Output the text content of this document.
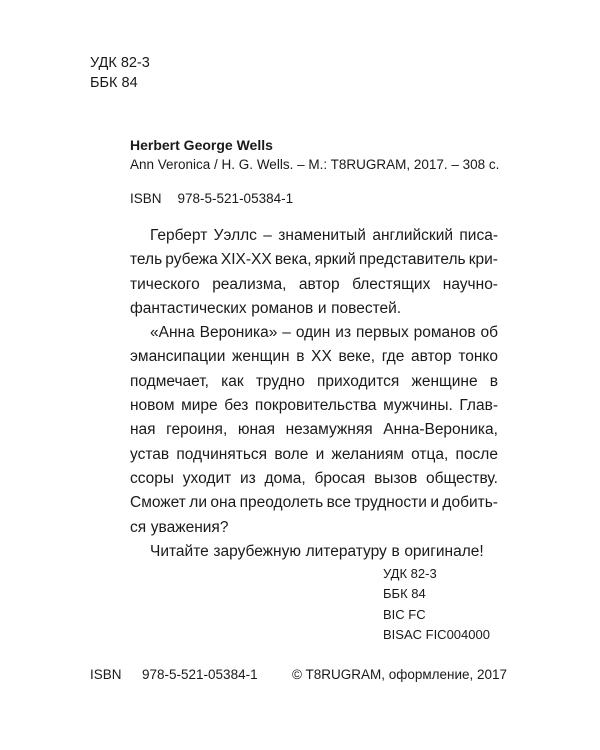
УДК 82-3
ББК 84
Herbert George Wells
Ann Veronica / H. G. Wells. – M.: T8RUGRAM, 2017. – 308 с.
ISBN 978-5-521-05384-1
Герберт Уэллс – знаменитый английский писа-
тель рубежа XIX-XX века, яркий представитель кри-
тического реализма, автор блестящих научно-
фантастических романов и повестей.
«Анна Вероника» – один из первых романов об
эмансипации женщин в XX веке, где автор тонко
подмечает, как трудно приходится женщине в
новом мире без покровительства мужчины. Глав-
ная героиня, юная незамужняя Анна-Вероника,
устав подчиняться воле и желаниям отца, после
ссоры уходит из дома, бросая вызов обществу.
Сможет ли она преодолеть все трудности и добить-
ся уважения?
Читайте зарубежную литературу в оригинале!
УДК 82-3
ББК 84
BIC FC
BISAC FIC004000
ISBN 978-5-521-05384-1	© T8RUGRAM, оформление, 2017
